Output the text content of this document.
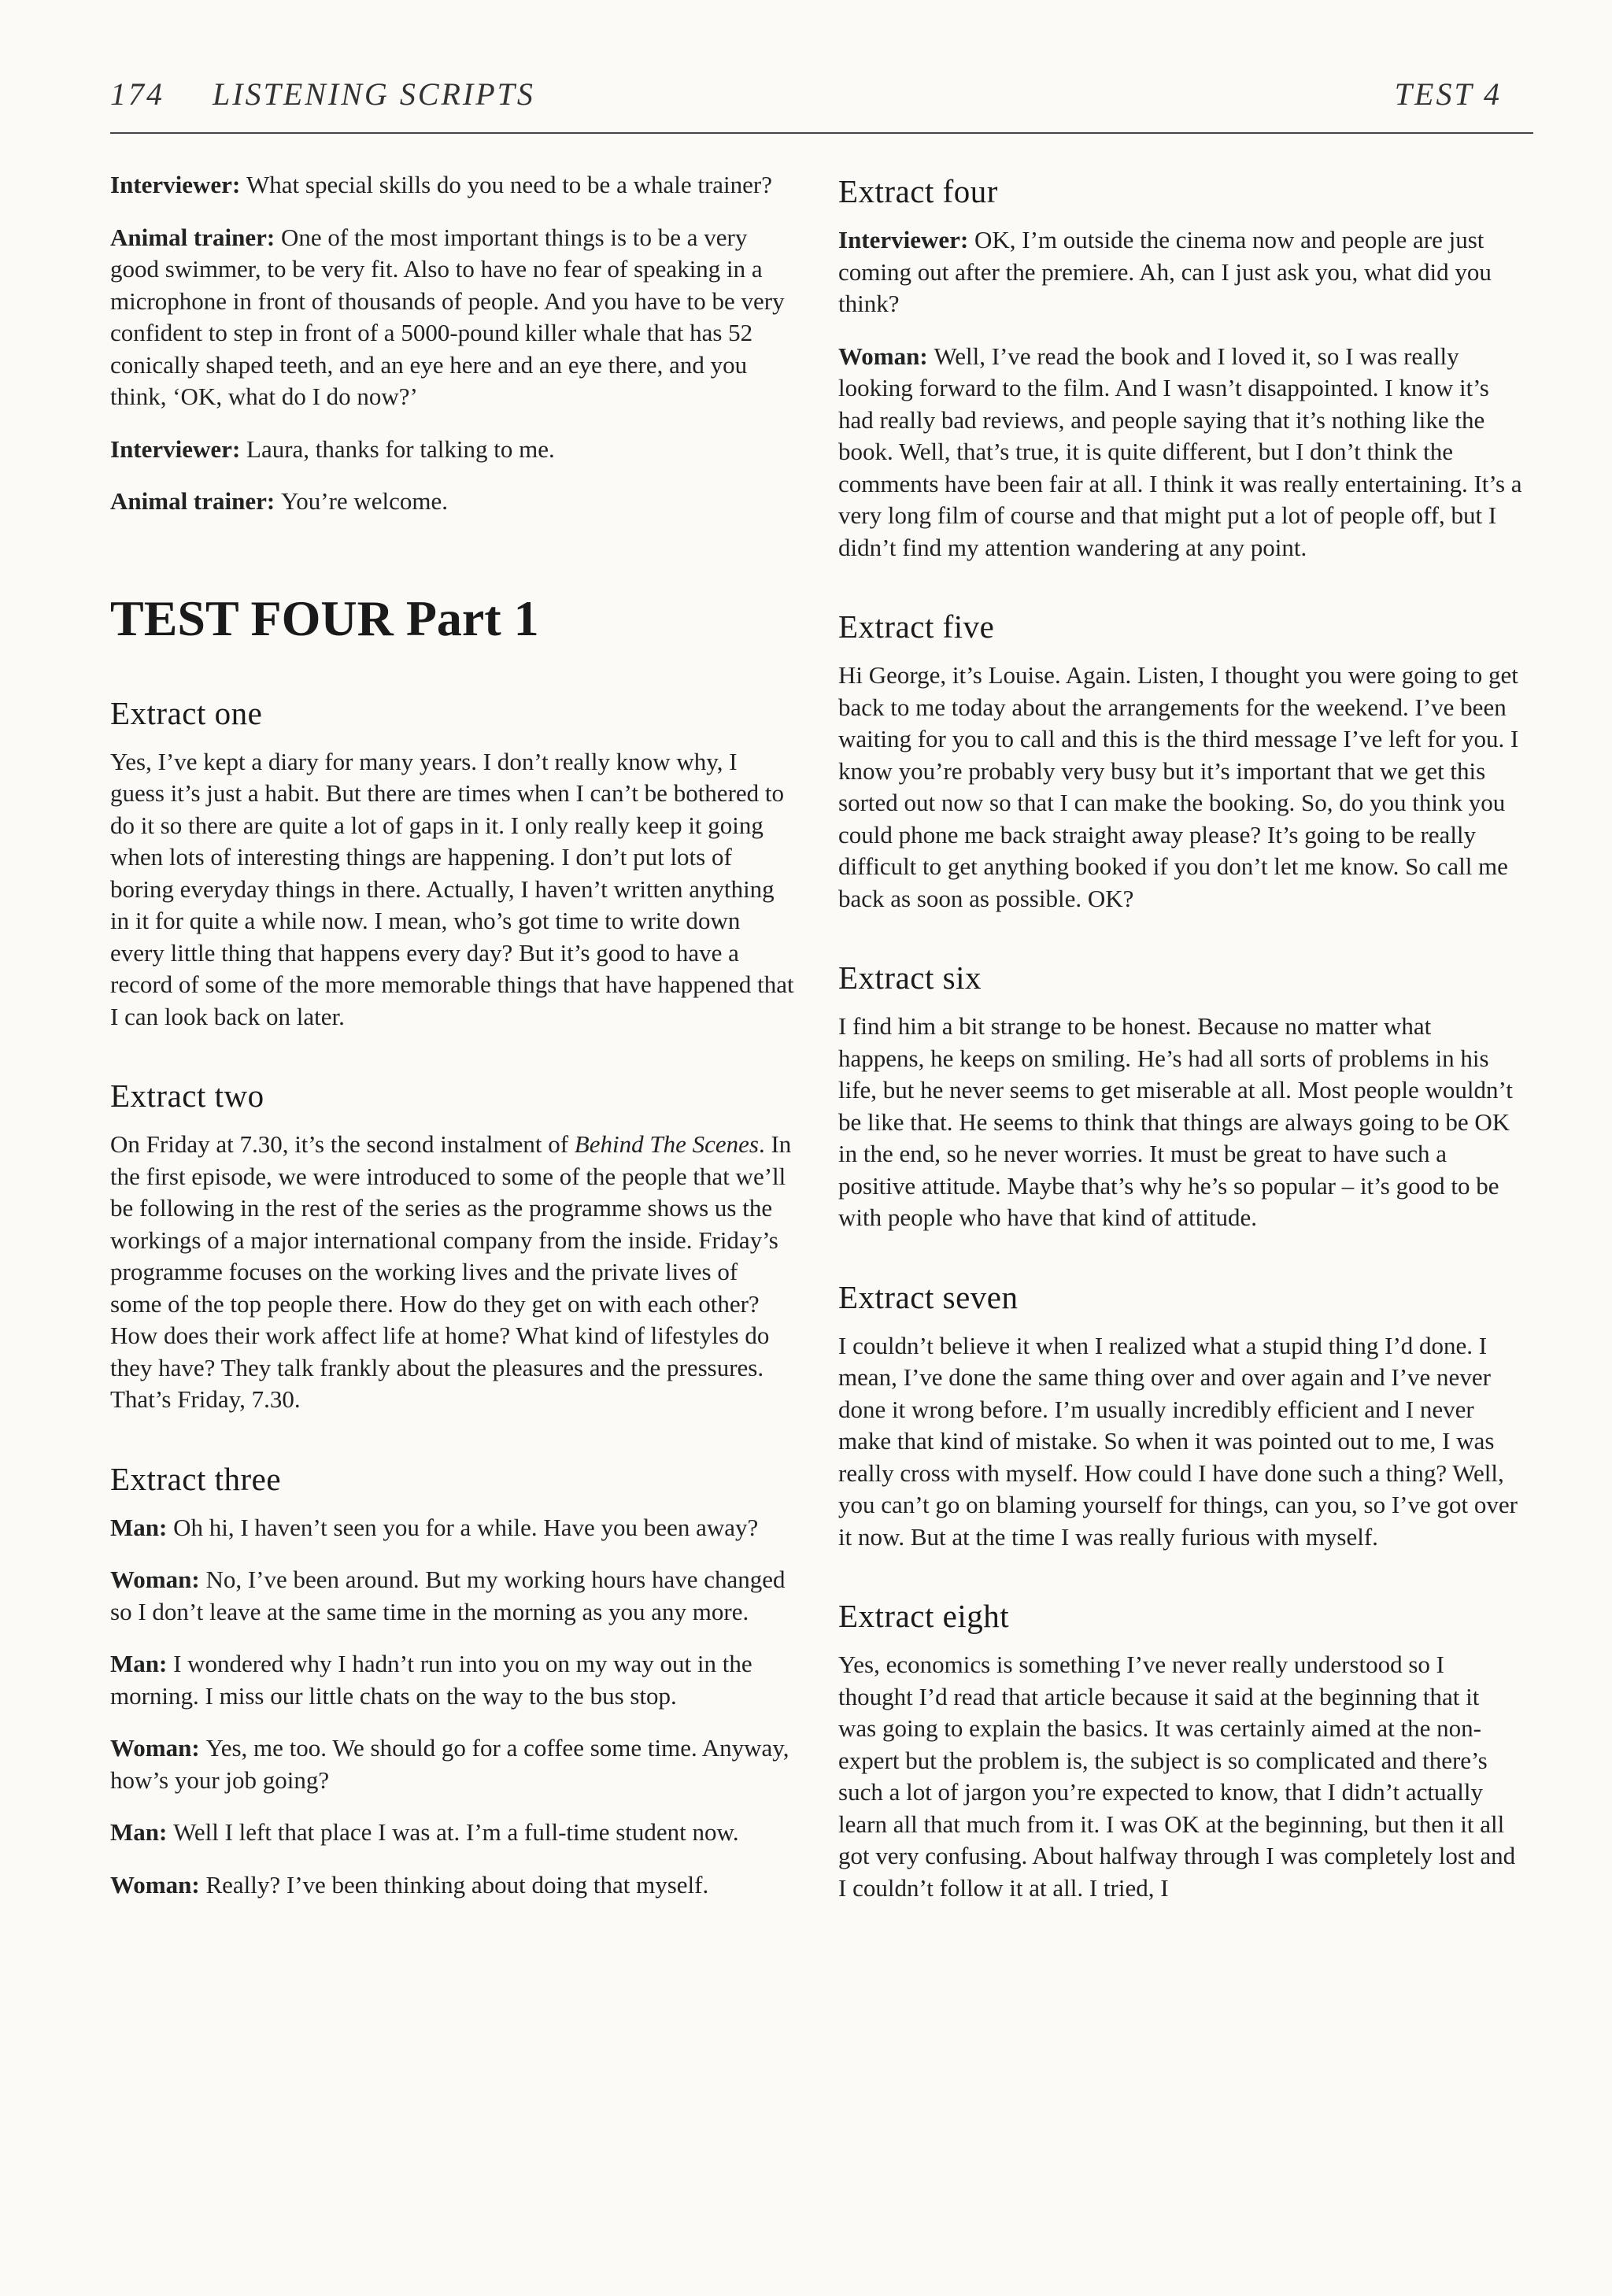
174 LISTENING SCRIPTS	TEST 4

Interviewer: What special skills do you need to be a whale trainer?

Animal trainer: One of the most important things is to be a very good swimmer, to be very fit. Also to have no fear of speaking in a microphone in front of thousands of people. And you have to be very confident to step in front of a 5000-pound killer whale that has 52 conically shaped teeth, and an eye here and an eye there, and you think, ‘OK, what do I do now?’

Interviewer: Laura, thanks for talking to me.

Animal trainer: You’re welcome.

TEST FOUR Part 1
Extract one

Yes, I’ve kept a diary for many years. I don’t really know why, I guess it’s just a habit. But there are times when I can’t be bothered to do it so there are quite a lot of gaps in it. I only really keep it going when lots of interesting things are happening. I don’t put lots of boring everyday things in there. Actually, I haven’t written anything in it for quite a while now. I mean, who’s got time to write down every little thing that happens every day? But it’s good to have a record of some of the more memorable things that have happened that I can look back on later.

Extract two

On Friday at 7.30, it’s the second instalment of Behind The Scenes. In the first episode, we were introduced to some of the people that we’ll be following in the rest of the series as the programme shows us the workings of a major international company from the inside. Friday’s programme focuses on the working lives and the private lives of some of the top people there. How do they get on with each other? How does their work affect life at home? What kind of lifestyles do they have? They talk frankly about the pleasures and the pressures. That’s Friday, 7.30.

Extract three

Man: Oh hi, I haven’t seen you for a while. Have you been away?

Woman: No, I’ve been around. But my working hours have changed so I don’t leave at the same time in the morning as you any more.

Man: I wondered why I hadn’t run into you on my way out in the morning. I miss our little chats on the way to the bus stop.

Woman: Yes, me too. We should go for a coffee some time. Anyway, how’s your job going?

Man: Well I left that place I was at. I’m a full-time student now.

Woman: Really? I’ve been thinking about doing that myself.

Extract four

Interviewer: OK, I’m outside the cinema now and people are just coming out after the premiere. Ah, can I just ask you, what did you think?

Woman: Well, I’ve read the book and I loved it, so I was really looking forward to the film. And I wasn’t disappointed. I know it’s had really bad reviews, and people saying that it’s nothing like the book. Well, that’s true, it is quite different, but I don’t think the comments have been fair at all. I think it was really entertaining. It’s a very long film of course and that might put a lot of people off, but I didn’t find my attention wandering at any point.

Extract five

Hi George, it’s Louise. Again. Listen, I thought you were going to get back to me today about the arrangements for the weekend. I’ve been waiting for you to call and this is the third message I’ve left for you. I know you’re probably very busy but it’s important that we get this sorted out now so that I can make the booking. So, do you think you could phone me back straight away please? It’s going to be really difficult to get anything booked if you don’t let me know. So call me back as soon as possible. OK?

Extract six

I find him a bit strange to be honest. Because no matter what happens, he keeps on smiling. He’s had all sorts of problems in his life, but he never seems to get miserable at all. Most people wouldn’t be like that. He seems to think that things are always going to be OK in the end, so he never worries. It must be great to have such a positive attitude. Maybe that’s why he’s so popular – it’s good to be with people who have that kind of attitude.

Extract seven

I couldn’t believe it when I realized what a stupid thing I’d done. I mean, I’ve done the same thing over and over again and I’ve never done it wrong before. I’m usually incredibly efficient and I never make that kind of mistake. So when it was pointed out to me, I was really cross with myself. How could I have done such a thing? Well, you can’t go on blaming yourself for things, can you, so I’ve got over it now. But at the time I was really furious with myself.

Extract eight

Yes, economics is something I’ve never really understood so I thought I’d read that article because it said at the beginning that it was going to explain the basics. It was certainly aimed at the non-expert but the problem is, the subject is so complicated and there’s such a lot of jargon you’re expected to know, that I didn’t actually learn all that much from it. I was OK at the beginning, but then it all got very confusing. About halfway through I was completely lost and I couldn’t follow it at all. I tried, I
